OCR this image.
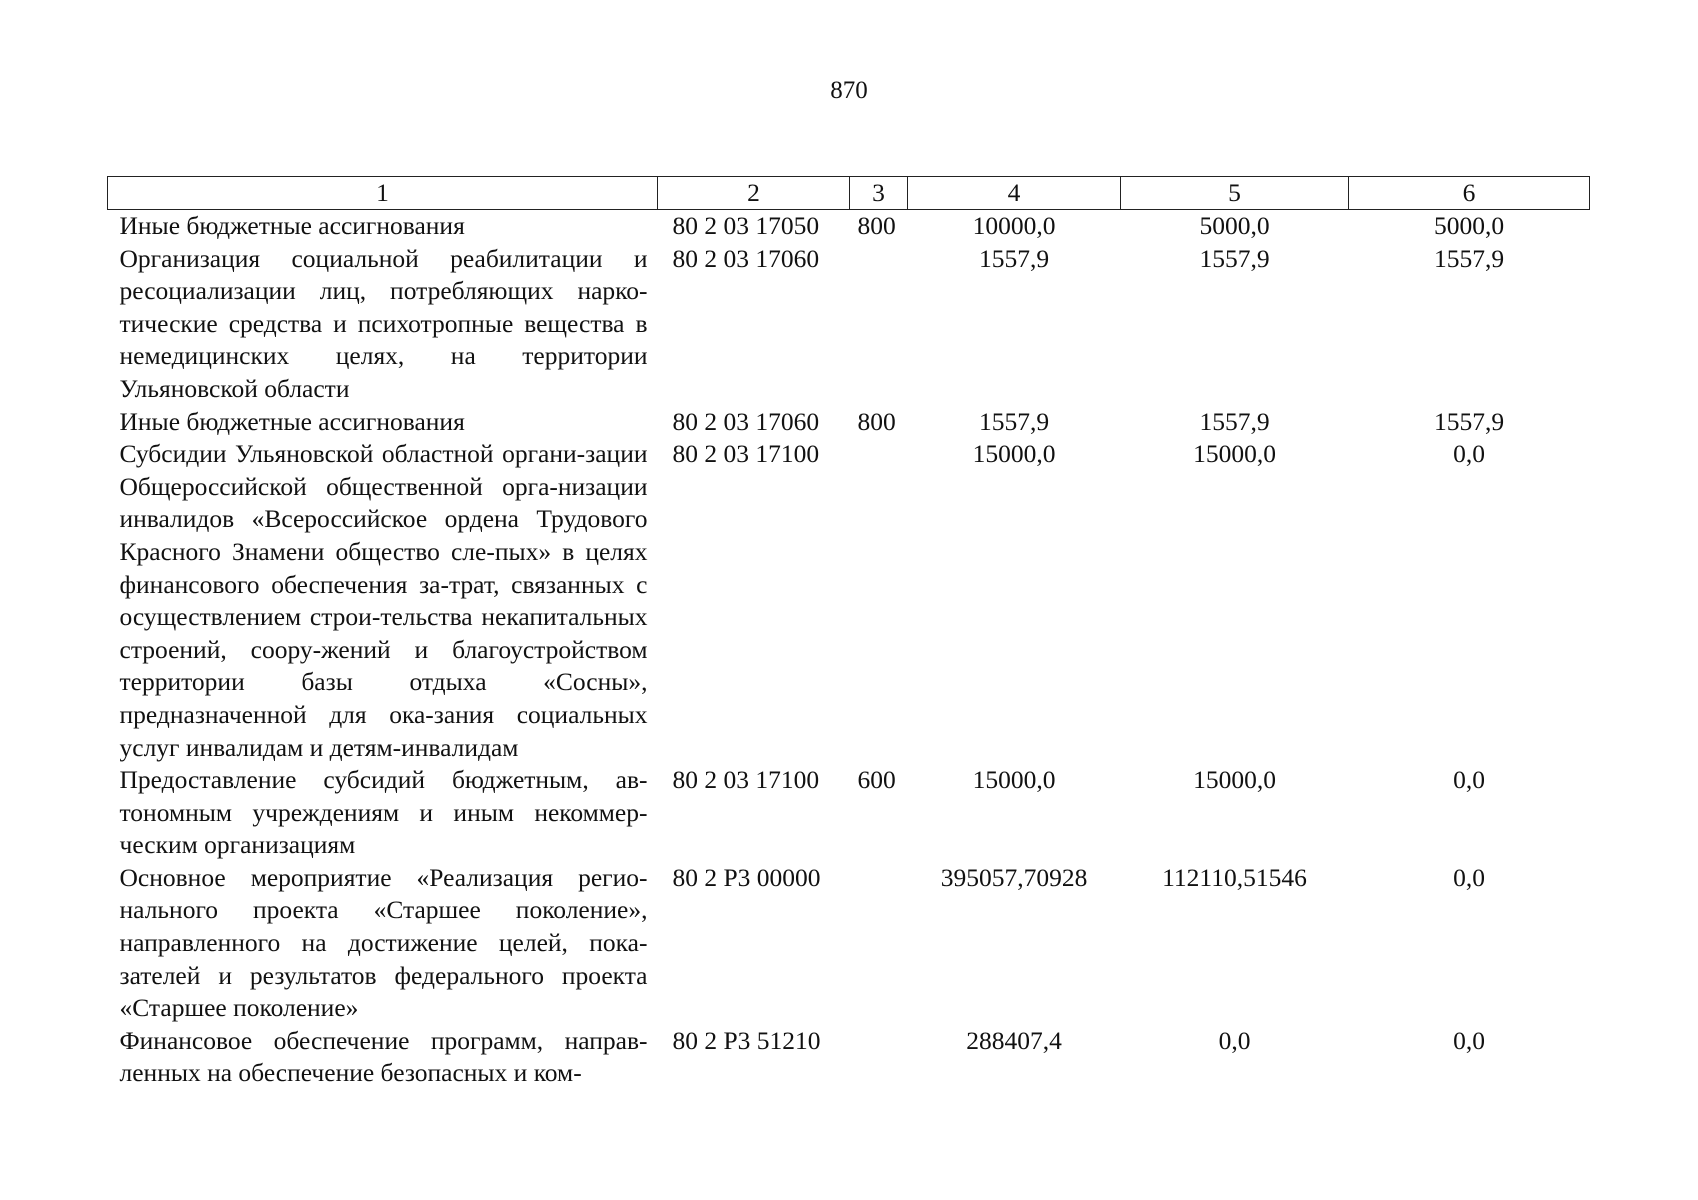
870
1	2	3	4	5	6
Иные бюджетные ассигнования	80 2 03 17050	800	10000,0	5000,0	5000,0
Организация социальной реабилитации и ресоциализации лиц, потребляющих нарко-тические средства и психотропные вещества в немедицинских целях, на территории Ульяновской области	80 2 03 17060		1557,9	1557,9	1557,9
Иные бюджетные ассигнования	80 2 03 17060	800	1557,9	1557,9	1557,9
Субсидии Ульяновской областной органи-зации Общероссийской общественной орга-низации инвалидов «Всероссийское ордена Трудового Красного Знамени общество сле-пых» в целях финансового обеспечения за-трат, связанных с осуществлением строи-тельства некапитальных строений, соору-жений и благоустройством территории базы отдыха «Сосны», предназначенной для ока-зания социальных услуг инвалидам и детям-инвалидам	80 2 03 17100		15000,0	15000,0	0,0
Предоставление субсидий бюджетным, ав-тономным учреждениям и иным некоммер-ческим организациям	80 2 03 17100	600	15000,0	15000,0	0,0
Основное мероприятие «Реализация регио-нального проекта «Старшее поколение», направленного на достижение целей, пока-зателей и результатов федерального проекта «Старшее поколение»	80 2 P3 00000		395057,70928	112110,51546	0,0
Финансовое обеспечение программ, направ-ленных на обеспечение безопасных и ком-	80 2 P3 51210		288407,4	0,0	0,0
